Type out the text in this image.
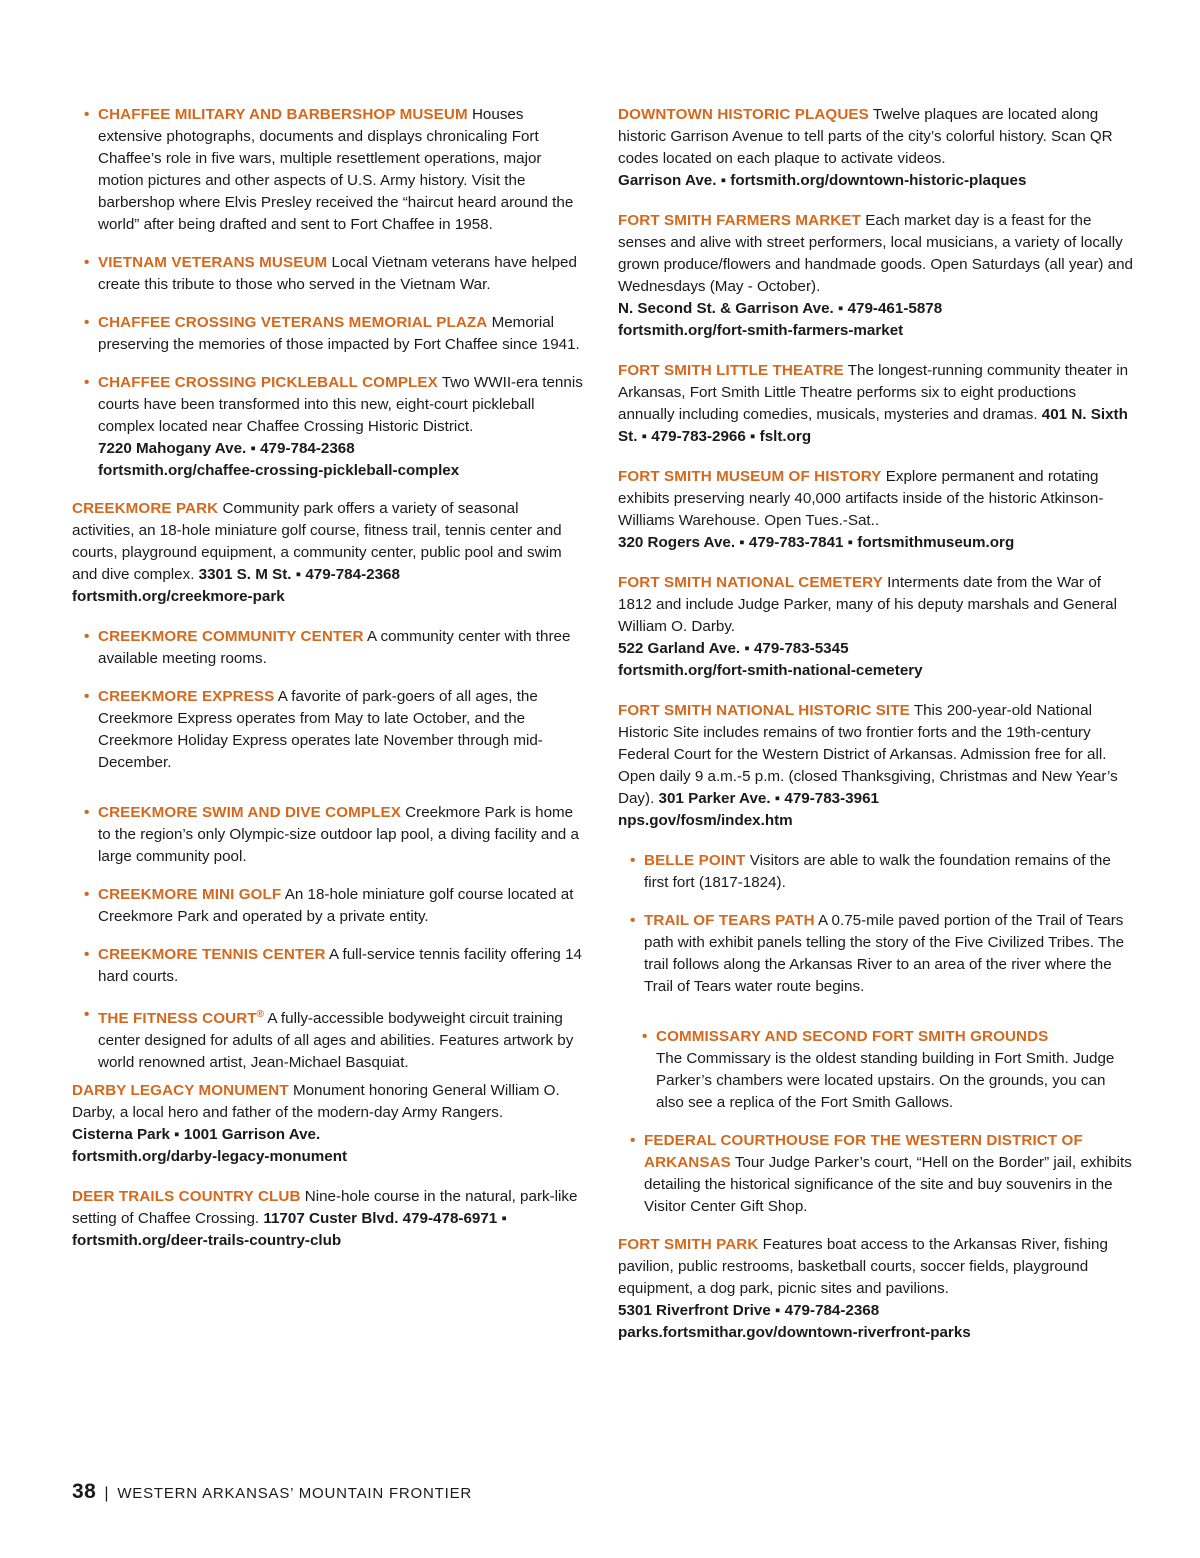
• CHAFFEE MILITARY AND BARBERSHOP MUSEUM Houses extensive photographs, documents and displays chronicaling Fort Chaffee’s role in five wars, multiple resettlement operations, major motion pictures and other aspects of U.S. Army history. Visit the barbershop where Elvis Presley received the “haircut heard around the world” after being drafted and sent to Fort Chaffee in 1958.
• VIETNAM VETERANS MUSEUM Local Vietnam veterans have helped create this tribute to those who served in the Vietnam War.
• CHAFFEE CROSSING VETERANS MEMORIAL PLAZA Memorial preserving the memories of those impacted by Fort Chaffee since 1941.
• CHAFFEE CROSSING PICKLEBALL COMPLEX Two WWII-era tennis courts have been transformed into this new, eight-court pickleball complex located near Chaffee Crossing Historic District.
7220 Mahogany Ave. ▪ 479-784-2368
fortsmith.org/chaffee-crossing-pickleball-complex
CREEKMORE PARK Community park offers a variety of seasonal activities, an 18-hole miniature golf course, fitness trail, tennis center and courts, playground equipment, a community center, public pool and swim and dive complex. 3301 S. M St. ▪ 479-784-2368
fortsmith.org/creekmore-park
• CREEKMORE COMMUNITY CENTER A community center with three available meeting rooms.
• CREEKMORE EXPRESS A favorite of park-goers of all ages, the Creekmore Express operates from May to late October, and the Creekmore Holiday Express operates late November through mid-December.
• CREEKMORE SWIM AND DIVE COMPLEX Creekmore Park is home to the region’s only Olympic-size outdoor lap pool, a diving facility and a large community pool.
• CREEKMORE MINI GOLF An 18-hole miniature golf course located at Creekmore Park and operated by a private entity.
• CREEKMORE TENNIS CENTER A full-service tennis facility offering 14 hard courts.
• THE FITNESS COURT® A fully-accessible bodyweight circuit training center designed for adults of all ages and abilities. Features artwork by world renowned artist, Jean-Michael Basquiat.
DARBY LEGACY MONUMENT Monument honoring General William O. Darby, a local hero and father of the modern-day Army Rangers.
Cisterna Park ▪ 1001 Garrison Ave.
fortsmith.org/darby-legacy-monument
DEER TRAILS COUNTRY CLUB Nine-hole course in the natural, park-like setting of Chaffee Crossing. 11707 Custer Blvd. 479-478-6971 ▪ fortsmith.org/deer-trails-country-club
DOWNTOWN HISTORIC PLAQUES Twelve plaques are located along historic Garrison Avenue to tell parts of the city’s colorful history. Scan QR codes located on each plaque to activate videos.
Garrison Ave. ▪ fortsmith.org/downtown-historic-plaques
FORT SMITH FARMERS MARKET Each market day is a feast for the senses and alive with street performers, local musicians, a variety of locally grown produce/flowers and handmade goods. Open Saturdays (all year) and Wednesdays (May - October).
N. Second St. & Garrison Ave. ▪ 479-461-5878
fortsmith.org/fort-smith-farmers-market
FORT SMITH LITTLE THEATRE The longest-running community theater in Arkansas, Fort Smith Little Theatre performs six to eight productions annually including comedies, musicals, mysteries and dramas. 401 N. Sixth St. ▪ 479-783-2966 ▪ fslt.org
FORT SMITH MUSEUM OF HISTORY Explore permanent and rotating exhibits preserving nearly 40,000 artifacts inside of the historic Atkinson-Williams Warehouse. Open Tues.-Sat..
320 Rogers Ave. ▪ 479-783-7841 ▪ fortsmithmuseum.org
FORT SMITH NATIONAL CEMETERY Interments date from the War of 1812 and include Judge Parker, many of his deputy marshals and General William O. Darby.
522 Garland Ave. ▪ 479-783-5345
fortsmith.org/fort-smith-national-cemetery
FORT SMITH NATIONAL HISTORIC SITE This 200-year-old National Historic Site includes remains of two frontier forts and the 19th-century Federal Court for the Western District of Arkansas. Admission free for all. Open daily 9 a.m.-5 p.m. (closed Thanksgiving, Christmas and New Year’s Day). 301 Parker Ave. ▪ 479-783-3961
nps.gov/fosm/index.htm
• BELLE POINT Visitors are able to walk the foundation remains of the first fort (1817-1824).
• TRAIL OF TEARS PATH A 0.75-mile paved portion of the Trail of Tears path with exhibit panels telling the story of the Five Civilized Tribes. The trail follows along the Arkansas River to an area of the river where the Trail of Tears water route begins.
• COMMISSARY AND SECOND FORT SMITH GROUNDS
The Commissary is the oldest standing building in Fort Smith. Judge Parker’s chambers were located upstairs. On the grounds, you can also see a replica of the Fort Smith Gallows.
• FEDERAL COURTHOUSE FOR THE WESTERN DISTRICT OF ARKANSAS Tour Judge Parker’s court, “Hell on the Border” jail, exhibits detailing the historical significance of the site and buy souvenirs in the Visitor Center Gift Shop.
FORT SMITH PARK Features boat access to the Arkansas River, fishing pavilion, public restrooms, basketball courts, soccer fields, playground equipment, a dog park, picnic sites and pavilions.
5301 Riverfront Drive ▪ 479-784-2368
parks.fortsmithar.gov/downtown-riverfront-parks
38 | WESTERN ARKANSAS’ MOUNTAIN FRONTIER
